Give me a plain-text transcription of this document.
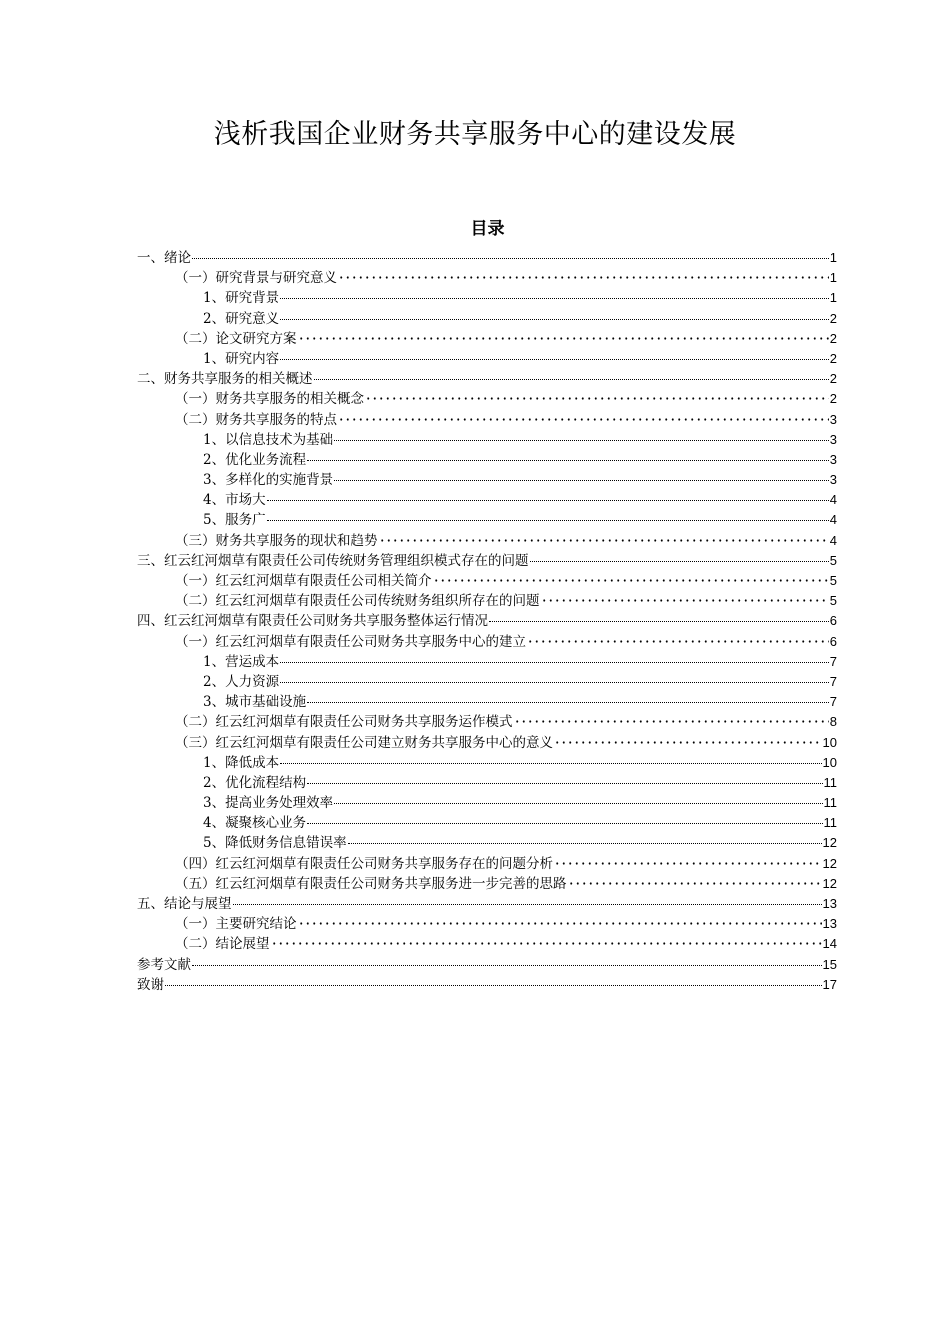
浅析我国企业财务共享服务中心的建设发展
目录
一、绪论	1
（一）研究背景与研究意义	1
1、研究背景	1
2、研究意义	2
（二）论文研究方案	2
1、研究内容	2
二、财务共享服务的相关概述	2
（一）财务共享服务的相关概念	2
（二）财务共享服务的特点	3
1、以信息技术为基础	3
2、优化业务流程	3
3、多样化的实施背景	3
4、市场大	4
5、服务广	4
（三）财务共享服务的现状和趋势	4
三、红云红河烟草有限责任公司传统财务管理组织模式存在的问题	5
（一）红云红河烟草有限责任公司相关简介	5
（二）红云红河烟草有限责任公司传统财务组织所存在的问题	5
四、红云红河烟草有限责任公司财务共享服务整体运行情况	6
（一）红云红河烟草有限责任公司财务共享服务中心的建立	6
1、营运成本	7
2、人力资源	7
3、城市基础设施	7
（二）红云红河烟草有限责任公司财务共享服务运作模式	8
（三）红云红河烟草有限责任公司建立财务共享服务中心的意义	10
1、降低成本	10
2、优化流程结构	11
3、提高业务处理效率	11
4、凝聚核心业务	11
5、降低财务信息错误率	12
（四）红云红河烟草有限责任公司财务共享服务存在的问题分析	12
（五）红云红河烟草有限责任公司财务共享服务进一步完善的思路	12
五、结论与展望	13
（一）主要研究结论	13
（二）结论展望	14
参考文献	15
致谢	17
